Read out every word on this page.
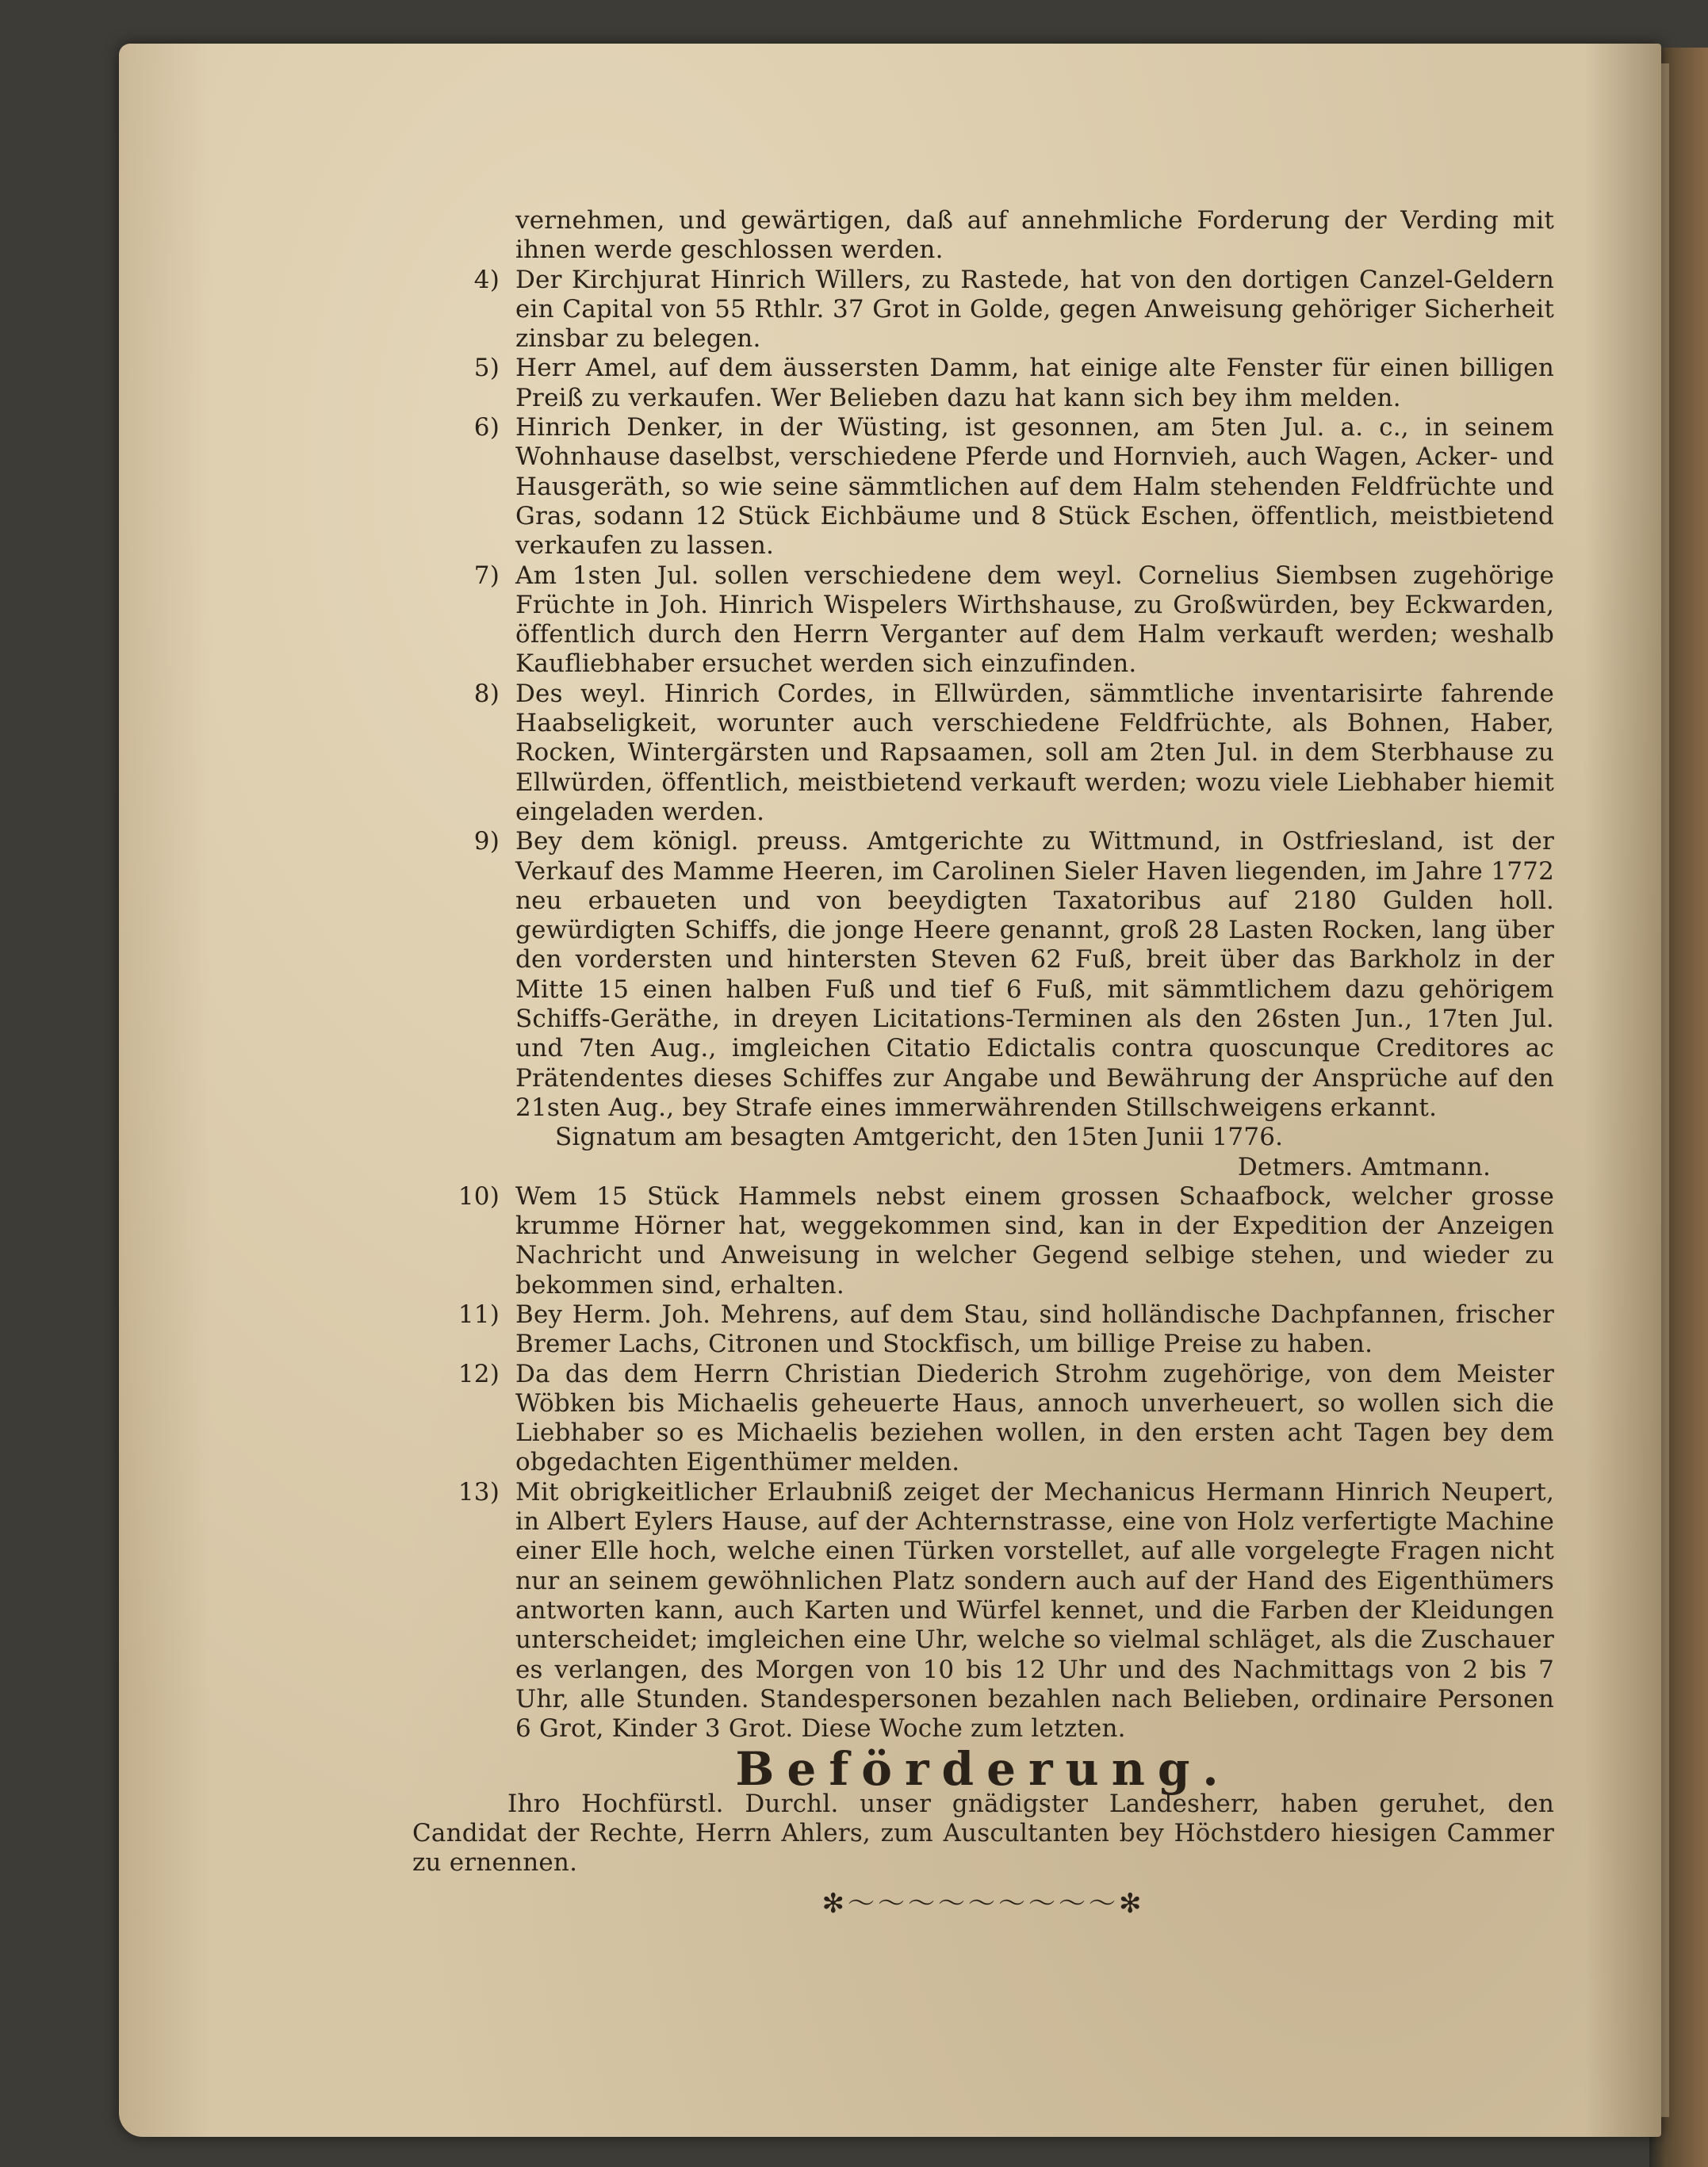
vernehmen, und gewärtigen, daß auf annehmliche Forderung der Verding mit ihnen werde geschlossen werden.

4) Der Kirchjurat Hinrich Willers, zu Rastede, hat von den dortigen Canzel-Geldern ein Capital von 55 Rthlr. 37 Grot in Golde, gegen Anweisung gehöriger Sicherheit zinsbar zu belegen.

5) Herr Amel, auf dem äussersten Damm, hat einige alte Fenster für einen billigen Preiß zu verkaufen. Wer Belieben dazu hat kann sich bey ihm melden.

6) Hinrich Denker, in der Wüsting, ist gesonnen, am 5ten Jul. a. c., in seinem Wohnhause daselbst, verschiedene Pferde und Hornvieh, auch Wagen, Acker- und Hausgeräth, so wie seine sämmtlichen auf dem Halm stehenden Feldfrüchte und Gras, sodann 12 Stück Eichbäume und 8 Stück Eschen, öffentlich, meistbietend verkaufen zu lassen.

7) Am 1sten Jul. sollen verschiedene dem weyl. Cornelius Siembsen zugehörige Früchte in Joh. Hinrich Wispelers Wirthshause, zu Großwürden, bey Eckwarden, öffentlich durch den Herrn Verganter auf dem Halm verkauft werden; weshalb Kaufliebhaber ersuchet werden sich einzufinden.

8) Des weyl. Hinrich Cordes, in Ellwürden, sämmtliche inventarisirte fahrende Haabseligkeit, worunter auch verschiedene Feldfrüchte, als Bohnen, Haber, Rocken, Wintergärsten und Rapsaamen, soll am 2ten Jul. in dem Sterbhause zu Ellwürden, öffentlich, meistbietend verkauft werden; wozu viele Liebhaber hiemit eingeladen werden.

9) Bey dem königl. preuss. Amtgerichte zu Wittmund, in Ostfriesland, ist der Verkauf des Mamme Heeren, im Carolinen Sieler Haven liegenden, im Jahre 1772 neu erbaueten und von beeydigten Taxatoribus auf 2180 Gulden holl. gewürdigten Schiffs, die jonge Heere genannt, groß 28 Lasten Rocken, lang über den vordersten und hintersten Steven 62 Fuß, breit über das Barkholz in der Mitte 15 einen halben Fuß und tief 6 Fuß, mit sämmtlichem dazu gehörigem Schiffs-Geräthe, in dreyen Licitations-Terminen als den 26sten Jun., 17ten Jul. und 7ten Aug., imgleichen Citatio Edictalis contra quoscunque Creditores ac Prätendentes dieses Schiffes zur Angabe und Bewährung der Ansprüche auf den 21sten Aug., bey Strafe eines immerwährenden Stillschweigens erkannt.

Signatum am besagten Amtgericht, den 15ten Junii 1776.

Detmers. Amtmann.

10) Wem 15 Stück Hammels nebst einem grossen Schaafbock, welcher grosse krumme Hörner hat, weggekommen sind, kan in der Expedition der Anzeigen Nachricht und Anweisung in welcher Gegend selbige stehen, und wieder zu bekommen sind, erhalten.

11) Bey Herm. Joh. Mehrens, auf dem Stau, sind holländische Dachpfannen, frischer Bremer Lachs, Citronen und Stockfisch, um billige Preise zu haben.

12) Da das dem Herrn Christian Diederich Strohm zugehörige, von dem Meister Wöbken bis Michaelis geheuerte Haus, annoch unverheuert, so wollen sich die Liebhaber so es Michaelis beziehen wollen, in den ersten acht Tagen bey dem obgedachten Eigenthümer melden.

13) Mit obrigkeitlicher Erlaubniß zeiget der Mechanicus Hermann Hinrich Neupert, in Albert Eylers Hause, auf der Achternstrasse, eine von Holz verfertigte Machine einer Elle hoch, welche einen Türken vorstellet, auf alle vorgelegte Fragen nicht nur an seinem gewöhnlichen Platz sondern auch auf der Hand des Eigenthümers antworten kann, auch Karten und Würfel kennet, und die Farben der Kleidungen unterscheidet; imgleichen eine Uhr, welche so vielmal schläget, als die Zuschauer es verlangen, des Morgen von 10 bis 12 Uhr und des Nachmittags von 2 bis 7 Uhr, alle Stunden. Standespersonen bezahlen nach Belieben, ordinaire Personen 6 Grot, Kinder 3 Grot. Diese Woche zum letzten.

Beförderung.

Ihro Hochfürstl. Durchl. unser gnädigster Landesherr, haben geruhet, den Candidat der Rechte, Herrn Ahlers, zum Auscultanten bey Höchstdero hiesigen Cammer zu ernennen.

✻〜〜〜〜〜〜〜〜〜✻
